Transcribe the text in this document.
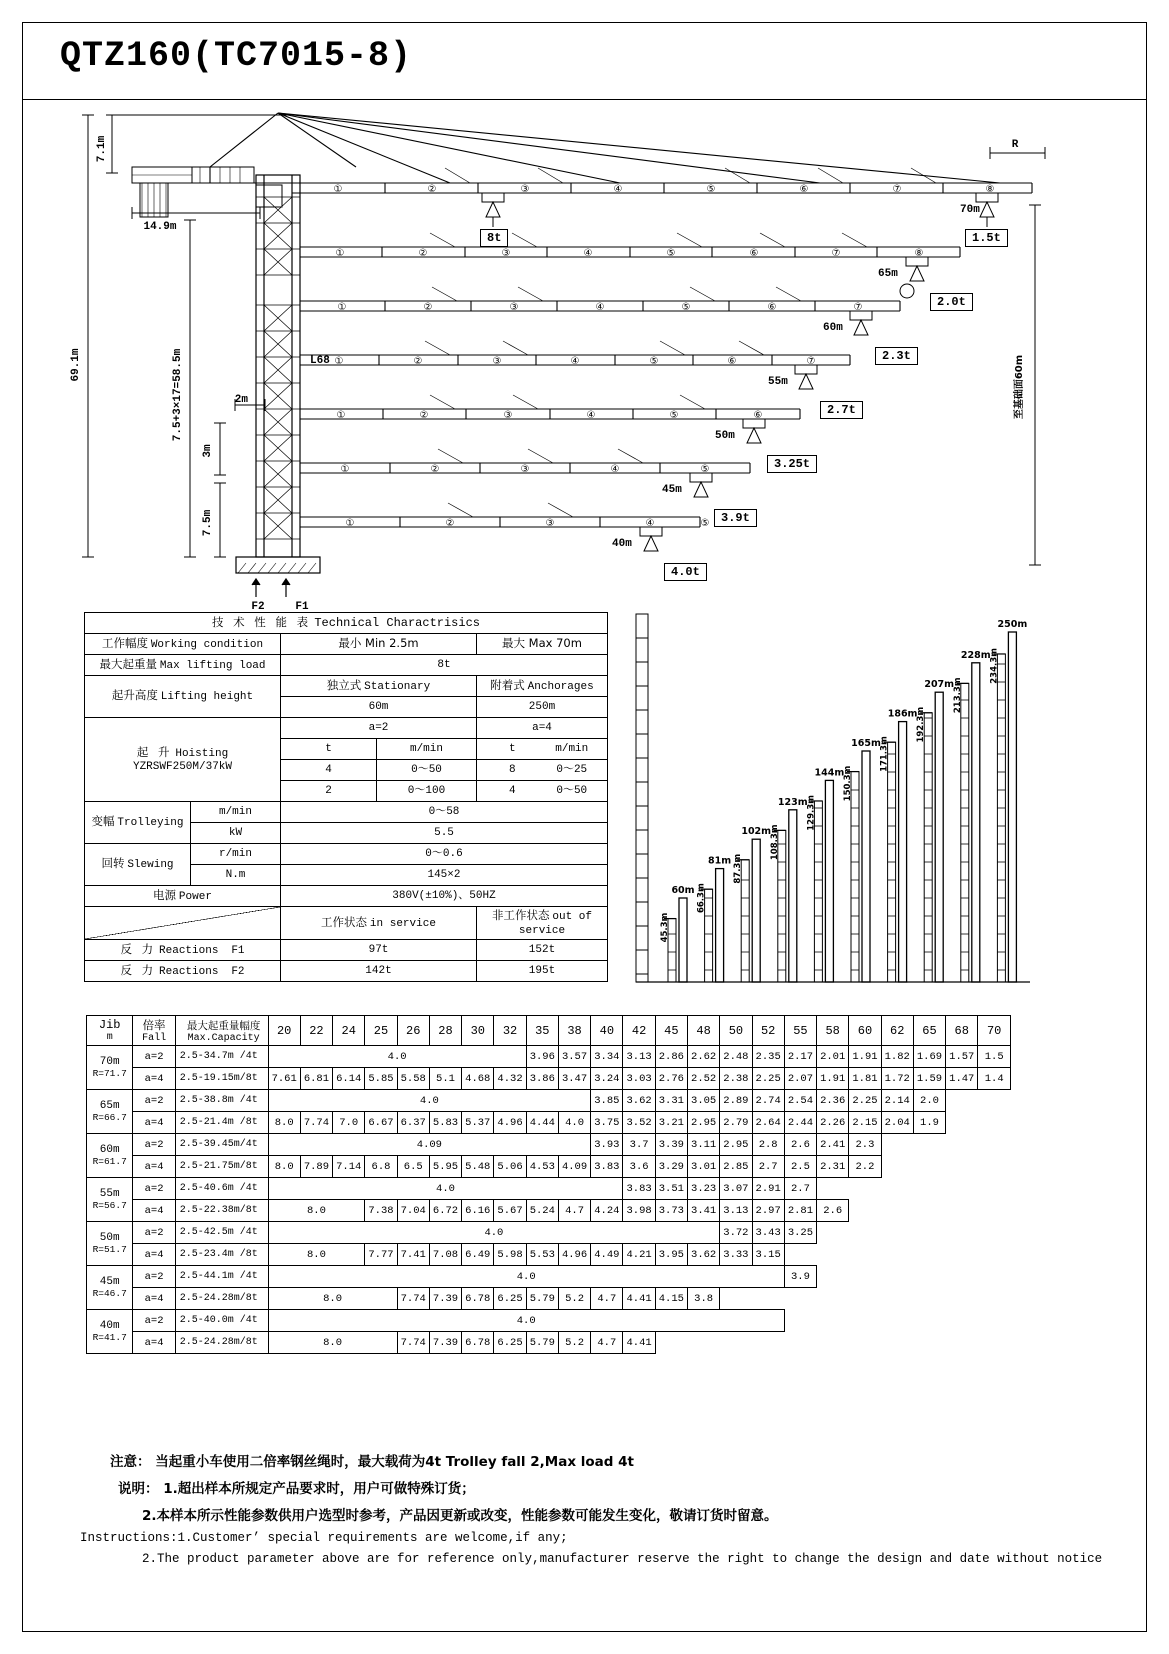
QTZ160(TC7015-8)
69.1m
7.1m
7.5+3×17=58.5m
7.5m
3m
2m
14.9m
L68
R
至基础面60m
F2	F1
①	②	③	④	⑤	⑥	⑦	⑧
①	②	③	④	⑤	⑥	⑦	⑧
①	②	③	④	⑤	⑥	⑦
①	②	③	④	⑤	⑥	⑦
①	②	③	④	⑤	⑥
①	②	③	④	⑤
①	②	③	④	⑤
8t
70m
1.5t
65m
2.0t
60m
2.3t
55m
2.7t
50m
3.25t
45m
3.9t
40m
4.0t
技 术 性 能 表 Technical Charactrisics				
工作幅度 Working condition		最小 Min 2.5m		最大 Max 70m
最大起重量 Max lifting load		8t		
起升高度 Lifting height		独立式 Stationary		附着式 Anchorages
		60m		250m

起 升 Hoisting
YZRSWF250M/37kW		a=2		a=4
		t	m/min	t m/min
		4	0～50	8 0～25
		2	0～100	4 0～50
变幅 Trolleying	m/min	0～58		
	kW	5.5		
回转 Slewing	r/min	0～0.6		
	N.m	145×2		
电源 Power		380V(±10%)、50HZ		
		工作状态 in service		非工作状态 out of service
反 力 Reactions F1		97t		152t
反 力 Reactions F2		142t		195t
45.3m
60m 66.3m
81m 87.3m
102m
108.3m
123m
129.3m
144m
150.3m
165m
171.3m
186m
192.3m
207m
213.3m
228m
234.3m
250m
Jib
m

倍率
Fall

最大起重量幅度
Max.Capacity
	20	22	24	25	26	28	30	32	35	38	40	42	45	48	50	52	55	58	60	62	65	68	70

70m
R=71.7	a=2	2.5-34.7m /4t	4.0								3.96	3.57	3.34	3.13	2.86	2.62	2.48	2.35	2.17	2.01	1.91	1.82	1.69	1.57	1.5
	a=4	2.5-19.15m/8t	7.61	6.81	6.14	5.85	5.58	5.1	4.68	4.32	3.86	3.47	3.24	3.03	2.76	2.52	2.38	2.25	2.07	1.91	1.81	1.72	1.59	1.47	1.4

65m
R=66.7	a=2	2.5-38.8m /4t	4.0										3.85	3.62	3.31	3.05	2.89	2.74	2.54	2.36	2.25	2.14	2.0		
	a=4	2.5-21.4m /8t	8.0	7.74	7.0	6.67	6.37	5.83	5.37	4.96	4.44	4.0	3.75	3.52	3.21	2.95	2.79	2.64	2.44	2.26	2.15	2.04	1.9		

60m
R=61.7	a=2	2.5-39.45m/4t	4.09										3.93	3.7	3.39	3.11	2.95	2.8	2.6	2.41	2.3				
	a=4	2.5-21.75m/8t	8.0	7.89	7.14	6.8	6.5	5.95	5.48	5.06	4.53	4.09	3.83	3.6	3.29	3.01	2.85	2.7	2.5	2.31	2.2				

55m
R=56.7	a=2	2.5-40.6m /4t	4.0											3.83	3.51	3.23	3.07	2.91	2.7						
	a=4	2.5-22.38m/8t	8.0			7.38	7.04	6.72	6.16	5.67	5.24	4.7	4.24	3.98	3.73	3.41	3.13	2.97	2.81	2.6					

50m
R=51.7	a=2	2.5-42.5m /4t	4.0														3.72	3.43	3.25						
	a=4	2.5-23.4m /8t	8.0			7.77	7.41	7.08	6.49	5.98	5.53	4.96	4.49	4.21	3.95	3.62	3.33	3.15							

45m
R=46.7	a=2	2.5-44.1m /4t	4.0																3.9						
	a=4	2.5-24.28m/8t	8.0				7.74	7.39	6.78	6.25	5.79	5.2	4.7	4.41	4.15	3.8									

40m
R=41.7	a=2	2.5-40.0m /4t	4.0																						
	a=4	2.5-24.28m/8t	8.0				7.74	7.39	6.78	6.25	5.79	5.2	4.7	4.41											
注意： 当起重小车使用二倍率钢丝绳时，最大载荷为4t Trolley fall 2,Max load 4t
说明： 1.超出样本所规定产品要求时，用户可做特殊订货；
2.本样本所示性能参数供用户选型时参考，产品因更新或改变，性能参数可能发生变化，敬请订货时留意。
Instructions:1.Customer’ special requirements are welcome,if any;
2.The product parameter above are for reference only,manufacturer reserve the right to change the design and date without notice
